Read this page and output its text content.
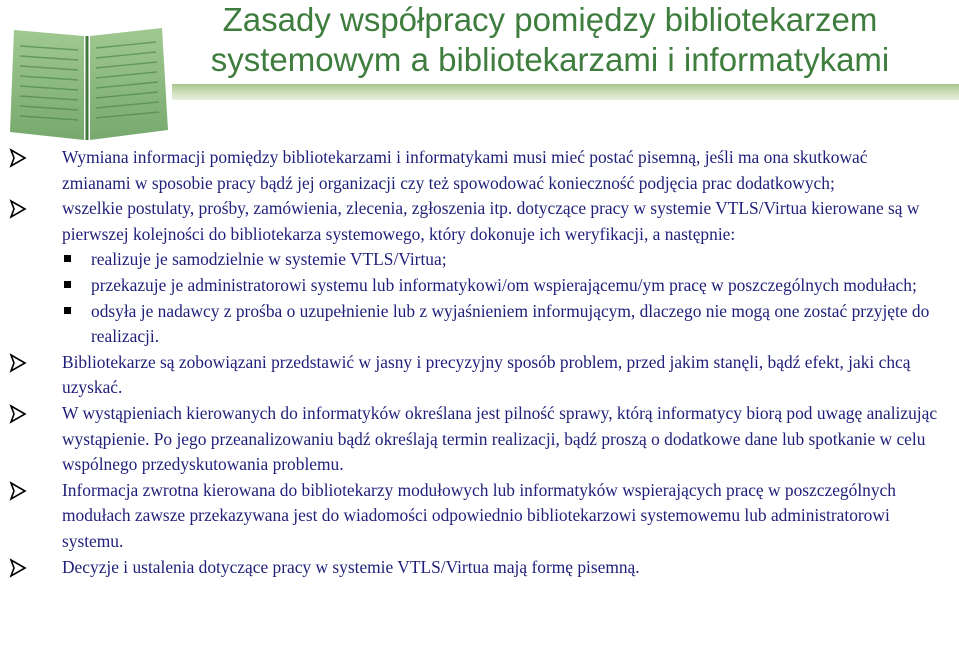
Zasady współpracy pomiędzy bibliotekarzem
systemowym a bibliotekarzami i informatykami
Wymiana informacji pomiędzy bibliotekarzami i informatykami musi mieć postać pisemną, jeśli ma ona skutkować zmianami w sposobie pracy bądź jej organizacji czy też spowodować konieczność podjęcia prac dodatkowych;
wszelkie postulaty, prośby, zamówienia, zlecenia, zgłoszenia itp. dotyczące pracy w systemie VTLS/Virtua kierowane są w pierwszej kolejności do bibliotekarza systemowego, który dokonuje ich weryfikacji, a następnie:
realizuje je samodzielnie w systemie VTLS/Virtua;
przekazuje je administratorowi systemu lub informatykowi/om wspierającemu/ym pracę w poszczególnych modułach;
odsyła je nadawcy z prośba o uzupełnienie lub z wyjaśnieniem informującym, dlaczego nie mogą one zostać przyjęte do realizacji.
Bibliotekarze są zobowiązani przedstawić w jasny i precyzyjny sposób problem, przed jakim stanęli, bądź efekt, jaki chcą uzyskać.
W wystąpieniach kierowanych do informatyków określana jest pilność sprawy, którą informatycy biorą pod uwagę analizując wystąpienie. Po jego przeanalizowaniu bądź określają termin realizacji, bądź proszą o dodatkowe dane lub spotkanie w celu wspólnego przedyskutowania problemu.
Informacja zwrotna kierowana do bibliotekarzy modułowych lub informatyków wspierających pracę w poszczególnych modułach zawsze przekazywana jest do wiadomości odpowiednio bibliotekarzowi systemowemu lub administratorowi systemu.
Decyzje i ustalenia dotyczące pracy w systemie VTLS/Virtua mają formę pisemną.
